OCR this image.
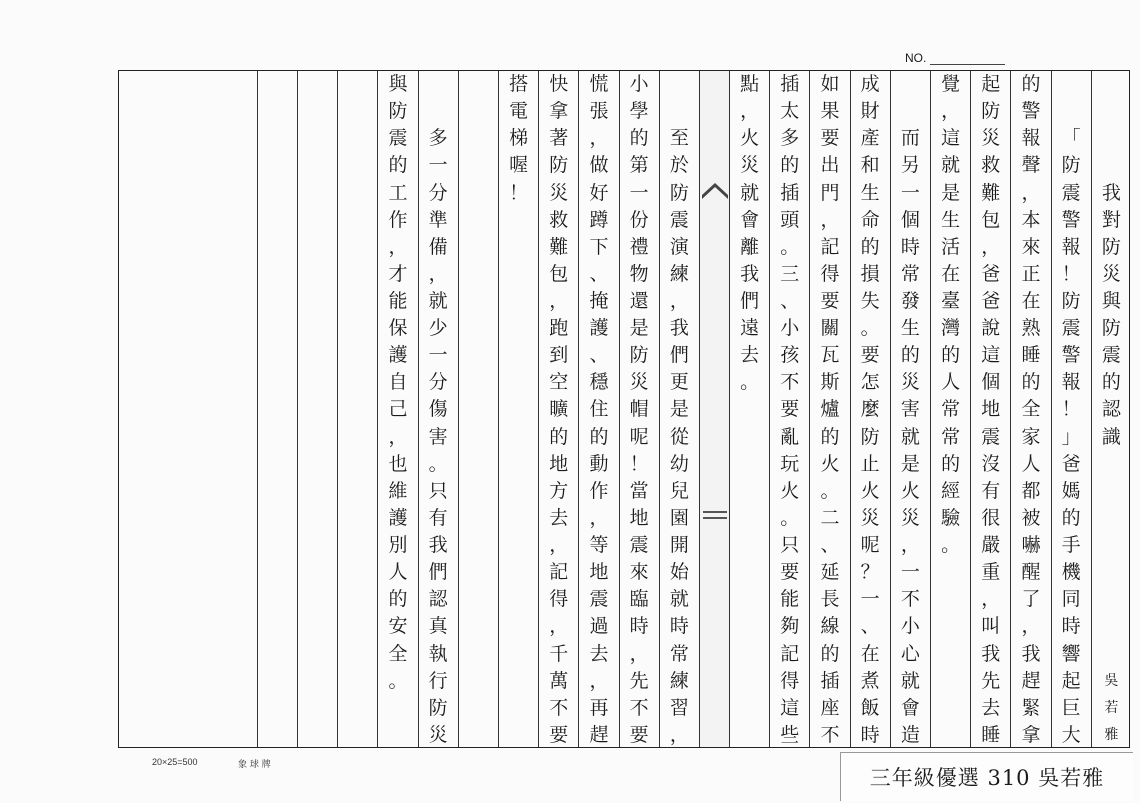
NO.
我
對
防
災
與
防
震
的
認
識
吳
若
雅
「
防
震
警
報
！
防
震
警
報
！
」
爸
媽
的
手
機
同
時
響
起
巨
大
的
警
報
聲
，
本
來
正
在
熟
睡
的
全
家
人
都
被
嚇
醒
了
，
我
趕
緊
拿
起
防
災
救
難
包
，
爸
爸
說
這
個
地
震
沒
有
很
嚴
重
，
叫
我
先
去
睡
覺
，
這
就
是
生
活
在
臺
灣
的
人
常
常
的
經
驗
。
而
另
一
個
時
常
發
生
的
災
害
就
是
火
災
，
一
不
小
心
就
會
造
成
財
產
和
生
命
的
損
失
。
要
怎
麼
防
止
火
災
呢
？
一
、
在
煮
飯
時
如
果
要
出
門
，
記
得
要
關
瓦
斯
爐
的
火
。
二
、
延
長
線
的
插
座
不
插
太
多
的
插
頭
。
三
、
小
孩
不
要
亂
玩
火
。
只
要
能
夠
記
得
這
些
點
，
火
災
就
會
離
我
們
遠
去
。
至
於
防
震
演
練
，
我
們
更
是
從
幼
兒
園
開
始
就
時
常
練
習
，
小
學
的
第
一
份
禮
物
還
是
防
災
帽
呢
！
當
地
震
來
臨
時
，
先
不
要
慌
張
，
做
好
蹲
下
、
掩
護
、
穩
住
的
動
作
，
等
地
震
過
去
，
再
趕
快
拿
著
防
災
救
難
包
，
跑
到
空
曠
的
地
方
去
，
記
得
，
千
萬
不
要
搭
電
梯
喔
！
多
一
分
準
備
，
就
少
一
分
傷
害
。
只
有
我
們
認
真
執
行
防
災
與
防
震
的
工
作
，
才
能
保
護
自
己
，
也
維
護
別
人
的
安
全
。
20×25=500	象 球 牌
三年級優選 310 吳若雅
